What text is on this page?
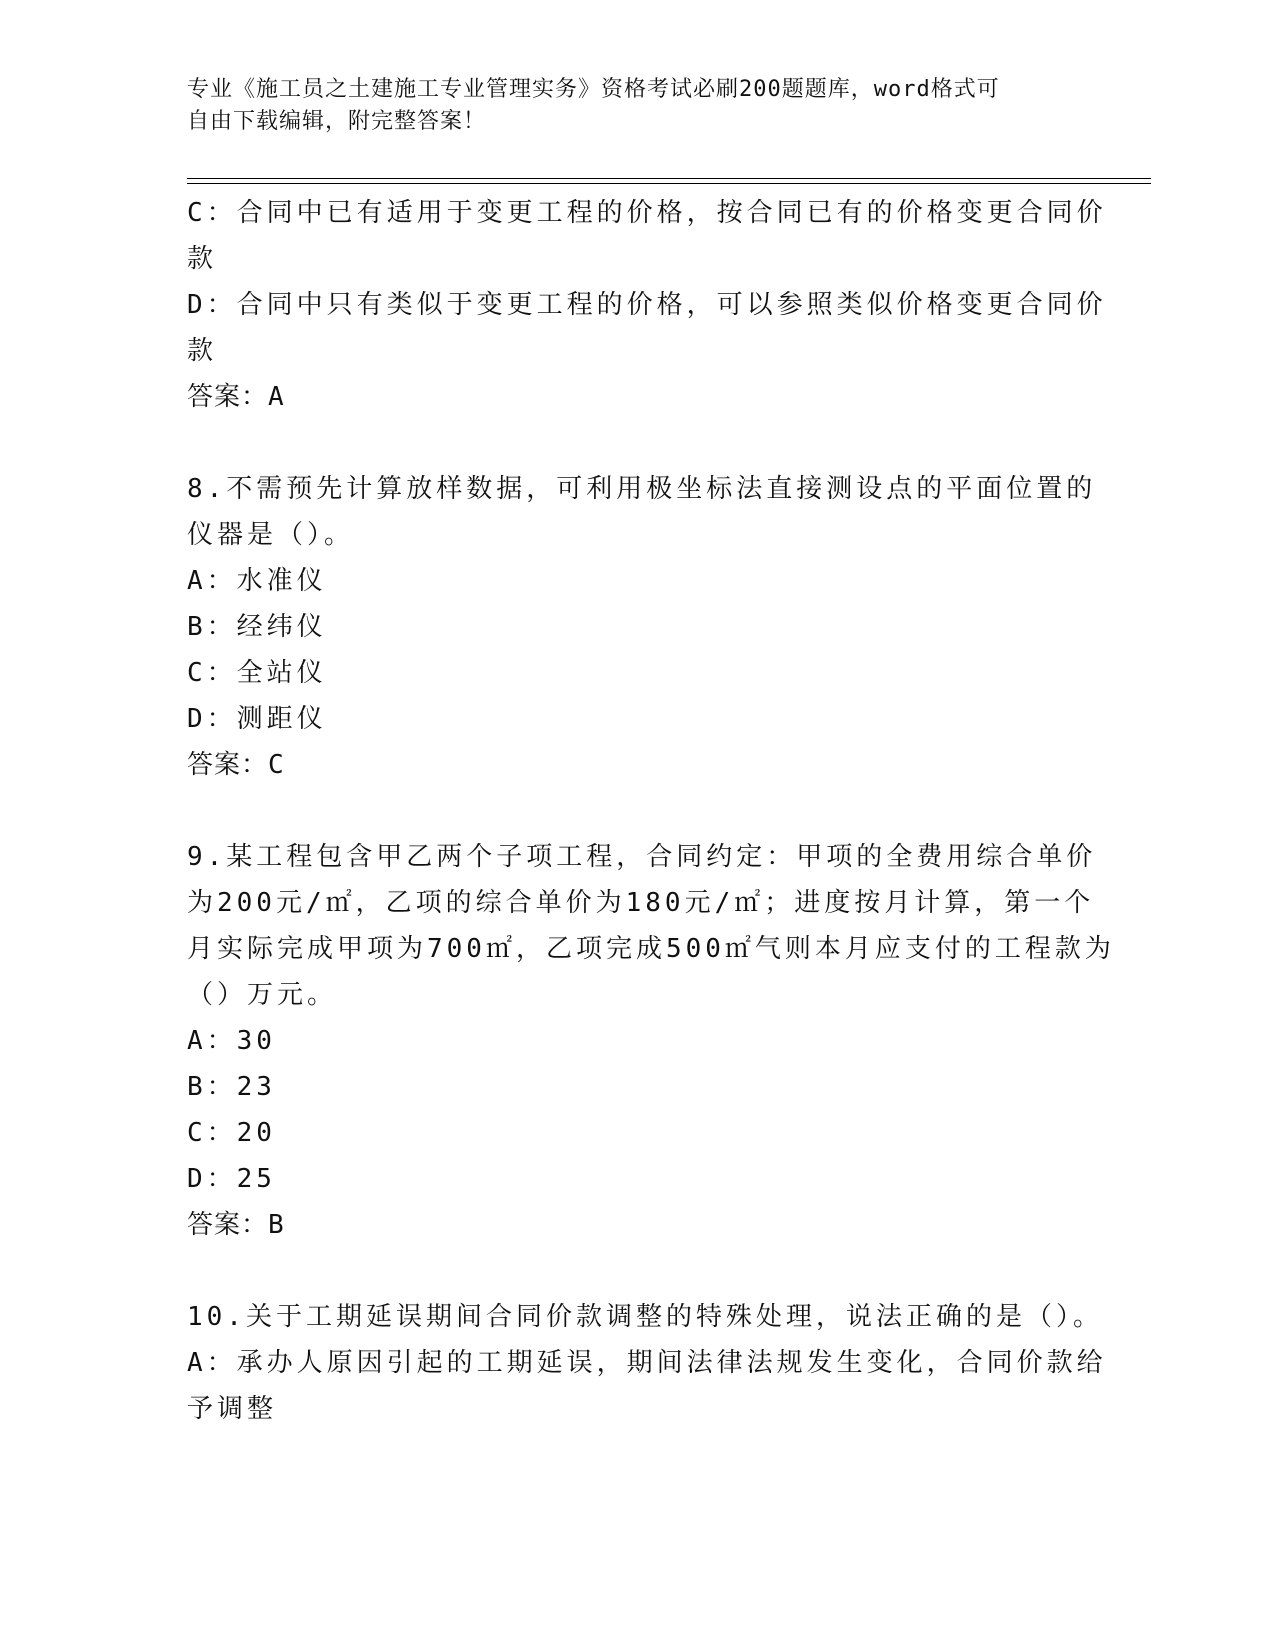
专业《施工员之土建施工专业管理实务》资格考试必刷200题题库，word格式可
自由下载编辑，附完整答案！
C：合同中已有适用于变更工程的价格，按合同已有的价格变更合同价
款
D：合同中只有类似于变更工程的价格，可以参照类似价格变更合同价
款
答案：A
8.不需预先计算放样数据，可利用极坐标法直接测设点的平面位置的
仪器是（）。
A：水准仪
B：经纬仪
C：全站仪
D：测距仪
答案：C
9.某工程包含甲乙两个子项工程，合同约定：甲项的全费用综合单价
为200元/㎡，乙项的综合单价为180元/㎡；进度按月计算，第一个
月实际完成甲项为700㎡，乙项完成500㎡气则本月应支付的工程款为
（）万元。
A：30
B：23
C：20
D：25
答案：B
10.关于工期延误期间合同价款调整的特殊处理，说法正确的是（）。
A：承办人原因引起的工期延误，期间法律法规发生变化，合同价款给
予调整
